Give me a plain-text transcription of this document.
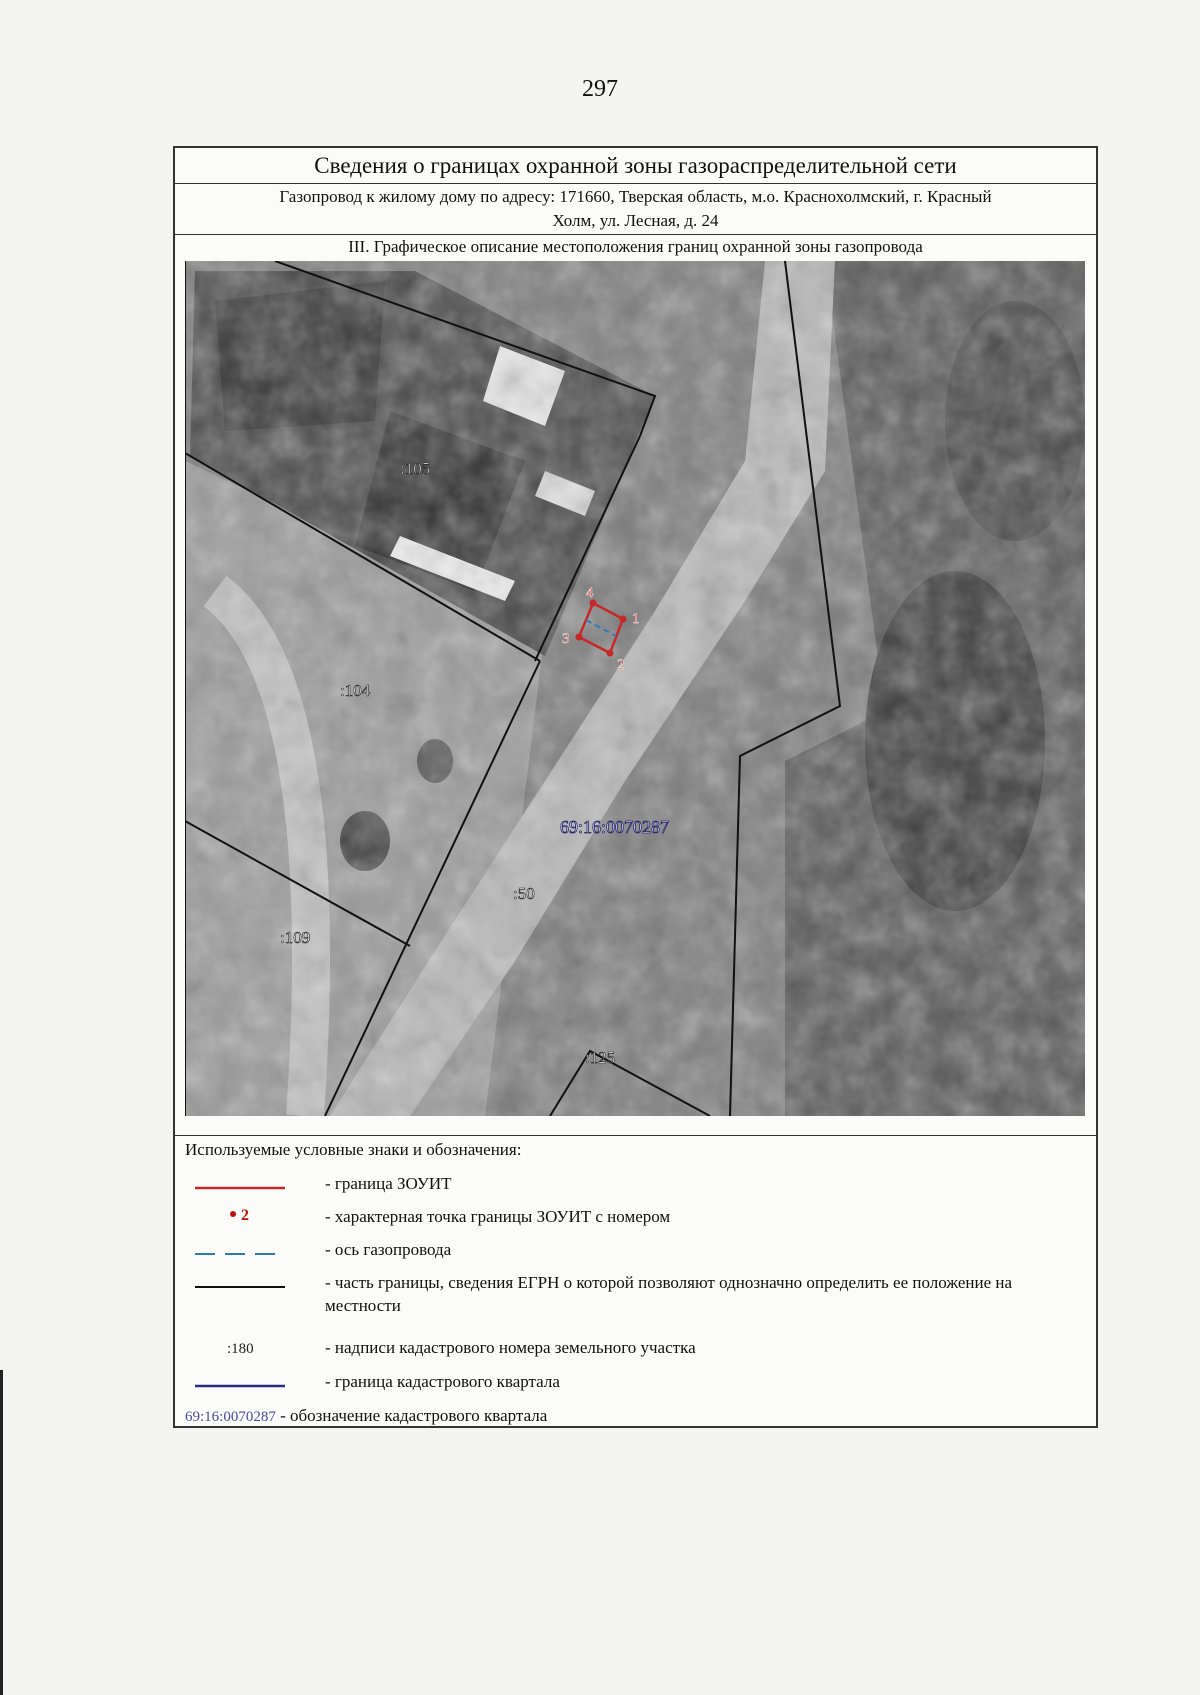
297
Сведения о границах охранной зоны газораспределительной сети
Газопровод к жилому дому по адресу: 171660, Тверская область, м.о. Краснохолмский, г. Красный
Холм, ул. Лесная, д. 24
III. Графическое описание местоположения границ охранной зоны газопровода
:105
:104
:109
:50
:125
69:16:0070287
1
2
3
4
Используемые условные знаки и обозначения:
- граница ЗОУИТ
2	- характерная точка границы ЗОУИТ с номером
- ось газопровода
- часть границы, сведения ЕГРН о которой позволяют однозначно определить ее положение на местности
:180	- надписи кадастрового номера земельного участка
- граница кадастрового квартала
69:16:0070287 - обозначение кадастрового квартала
